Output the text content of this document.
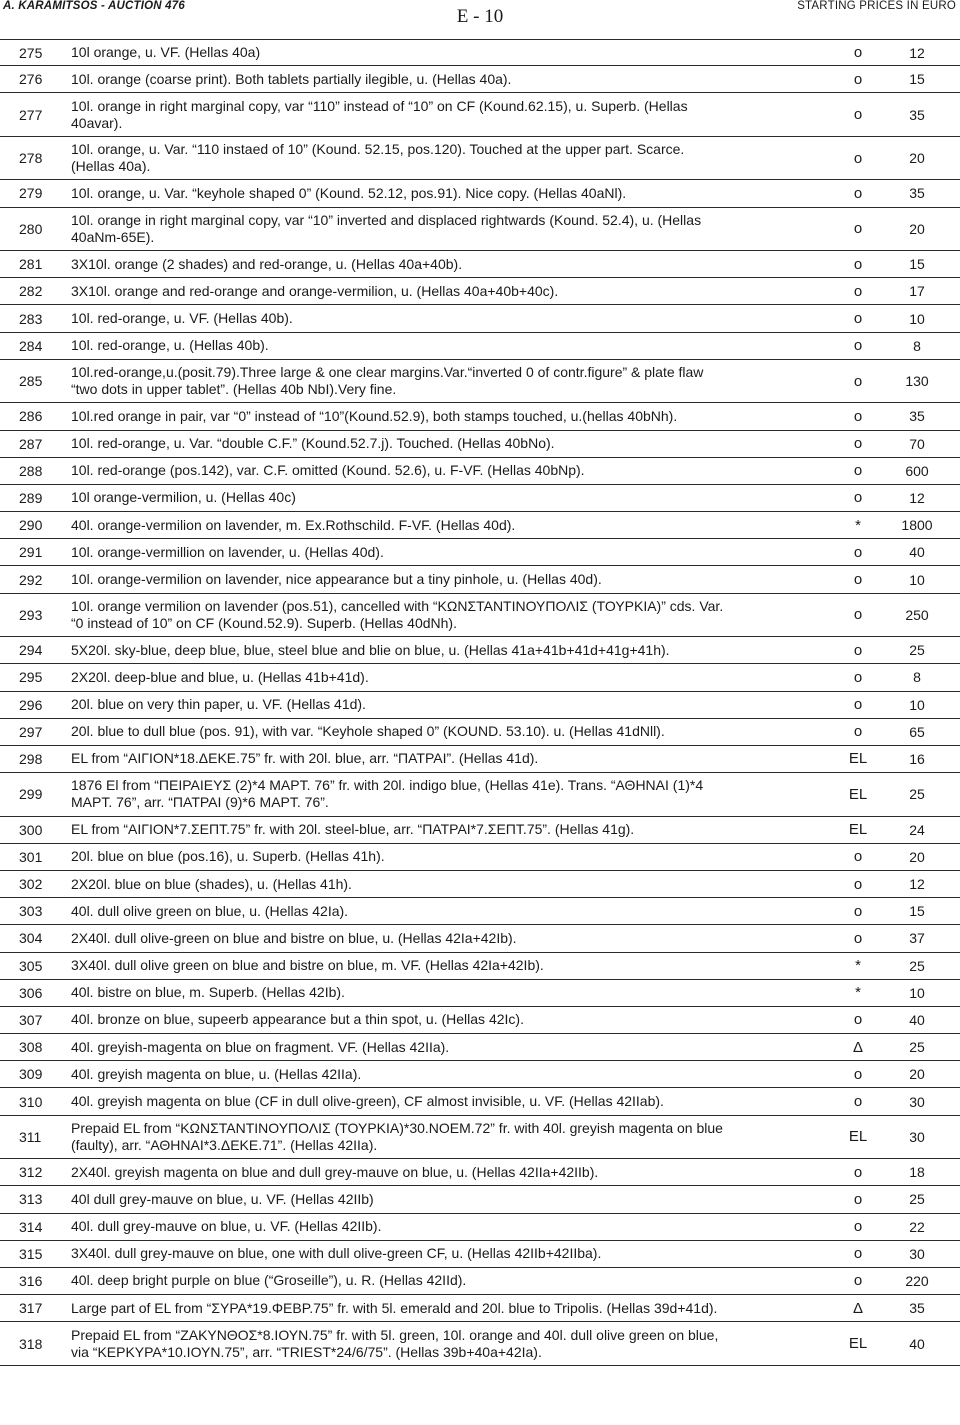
A. KARAMITSOS - AUCTION 476	E - 10	STARTING PRICES IN EURO
275 10l orange, u. VF. (Hellas 40a)	o	12
276 10l. orange (coarse print). Both tablets partially ilegible, u. (Hellas 40a).	o	15
277
10l. orange in right marginal copy, var “110” instead of “10” on CF (Kound.62.15), u. Superb. (Hellas
40avar).	o	35
278
10l. orange, u. Var. “110 instaed of 10” (Kound. 52.15, pos.120). Touched at the upper part. Scarce.
(Hellas 40a).	o	20
279 10l. orange, u. Var. “keyhole shaped 0” (Kound. 52.12, pos.91). Nice copy. (Hellas 40aNl).	o	35
280
10l. orange in right marginal copy, var “10” inverted and displaced rightwards (Kound. 52.4), u. (Hellas
40aNm-65E).	o	20
281 3X10l. orange (2 shades) and red-orange, u. (Hellas 40a+40b).	o	15
282 3X10l. orange and red-orange and orange-vermilion, u. (Hellas 40a+40b+40c).	o	17
283 10l. red-orange, u. VF. (Hellas 40b).	o	10
284 10l. red-orange, u. (Hellas 40b).	o	8
285
10l.red-orange,u.(posit.79).Three large & one clear margins.Var.“inverted 0 of contr.figure” & plate flaw
“two dots in upper tablet”. (Hellas 40b NbI).Very fine.	o	130
286 10l.red orange in pair, var “0” instead of “10”(Kound.52.9), both stamps touched, u.(hellas 40bNh).	o	35
287 10l. red-orange, u. Var. “double C.F.” (Kound.52.7.j). Touched. (Hellas 40bNo).	o	70
288 10l. red-orange (pos.142), var. C.F. omitted (Kound. 52.6), u. F-VF. (Hellas 40bNp).	o	600
289 10l orange-vermilion, u. (Hellas 40c)	o	12
290 40l. orange-vermilion on lavender, m. Ex.Rothschild. F-VF. (Hellas 40d).	*	1800
291 10l. orange-vermillion on lavender, u. (Hellas 40d).	o	40
292 10l. orange-vermilion on lavender, nice appearance but a tiny pinhole, u. (Hellas 40d).	o	10
293
10l. orange vermilion on lavender (pos.51), cancelled with “ΚΩΝΣΤΑΝΤΙΝΟΥΠΟΛΙΣ (ΤΟΥΡΚΙΑ)” cds. Var.
“0 instead of 10” on CF (Kound.52.9). Superb. (Hellas 40dNh).	o	250
294 5X20l. sky-blue, deep blue, blue, steel blue and blie on blue, u. (Hellas 41a+41b+41d+41g+41h).	o	25
295 2X20l. deep-blue and blue, u. (Hellas 41b+41d).	o	8
296 20l. blue on very thin paper, u. VF. (Hellas 41d).	o	10
297 20l. blue to dull blue (pos. 91), with var. “Keyhole shaped 0” (KOUND. 53.10). u. (Hellas 41dNll).	o	65
298 EL from “ΑΙΓΙΟΝ*18.ΔΕΚΕ.75” fr. with 20l. blue, arr. “ΠΑΤΡΑΙ”. (Hellas 41d).	EL	16
299
1876 El from “ΠΕΙΡΑΙΕΥΣ (2)*4 ΜΑΡΤ. 76” fr. with 20l. indigo blue, (Hellas 41e). Trans. “ΑΘΗΝΑΙ (1)*4
ΜΑΡΤ. 76”, arr. “ΠΑΤΡΑΙ (9)*6 ΜΑΡΤ. 76”.	EL	25
300 EL from “ΑΙΓΙΟΝ*7.ΣΕΠΤ.75” fr. with 20l. steel-blue, arr. “ΠΑΤΡΑΙ*7.ΣΕΠΤ.75”. (Hellas 41g).	EL	24
301 20l. blue on blue (pos.16), u. Superb. (Hellas 41h).	o	20
302 2X20l. blue on blue (shades), u. (Hellas 41h).	o	12
303 40l. dull olive green on blue, u. (Hellas 42Ia).	o	15
304 2X40l. dull olive-green on blue and bistre on blue, u. (Hellas 42Ia+42Ib).	o	37
305 3X40l. dull olive green on blue and bistre on blue, m. VF. (Hellas 42Ia+42Ib).	*	25
306 40l. bistre on blue, m. Superb. (Hellas 42Ib).	*	10
307 40l. bronze on blue, supeerb appearance but a thin spot, u. (Hellas 42Ic).	o	40
308 40l. greyish-magenta on blue on fragment. VF. (Hellas 42IIa).	Δ	25
309 40l. greyish magenta on blue, u. (Hellas 42IIa).	o	20
310 40l. greyish magenta on blue (CF in dull olive-green), CF almost invisible, u. VF. (Hellas 42IIab).	o	30
311
Prepaid EL from “ΚΩΝΣΤΑΝΤΙΝΟΥΠΟΛΙΣ (ΤΟΥΡΚΙΑ)*30.ΝΟΕΜ.72” fr. with 40l. greyish magenta on blue
(faulty), arr. “ΑΘΗΝΑΙ*3.ΔΕΚΕ.71”. (Hellas 42IIa).	EL	30
312 2X40l. greyish magenta on blue and dull grey-mauve on blue, u. (Hellas 42IIa+42IIb).	o	18
313 40l dull grey-mauve on blue, u. VF. (Hellas 42IIb)	o	25
314 40l. dull grey-mauve on blue, u. VF. (Hellas 42IIb).	o	22
315 3X40l. dull grey-mauve on blue, one with dull olive-green CF, u. (Hellas 42IIb+42IIba).	o	30
316 40l. deep bright purple on blue (“Groseille”), u. R. (Hellas 42IId).	o	220
317 Large part of EL from “ΣΥΡΑ*19.ΦΕΒΡ.75” fr. with 5l. emerald and 20l. blue to Tripolis. (Hellas 39d+41d).	Δ	35
318
Prepaid EL from “ΖΑΚΥΝΘΟΣ*8.ΙΟΥΝ.75” fr. with 5l. green, 10l. orange and 40l. dull olive green on blue,
via “ΚΕΡΚΥΡΑ*10.ΙΟΥΝ.75”, arr. “TRIEST*24/6/75”. (Hellas 39b+40a+42Ia).	EL	40
